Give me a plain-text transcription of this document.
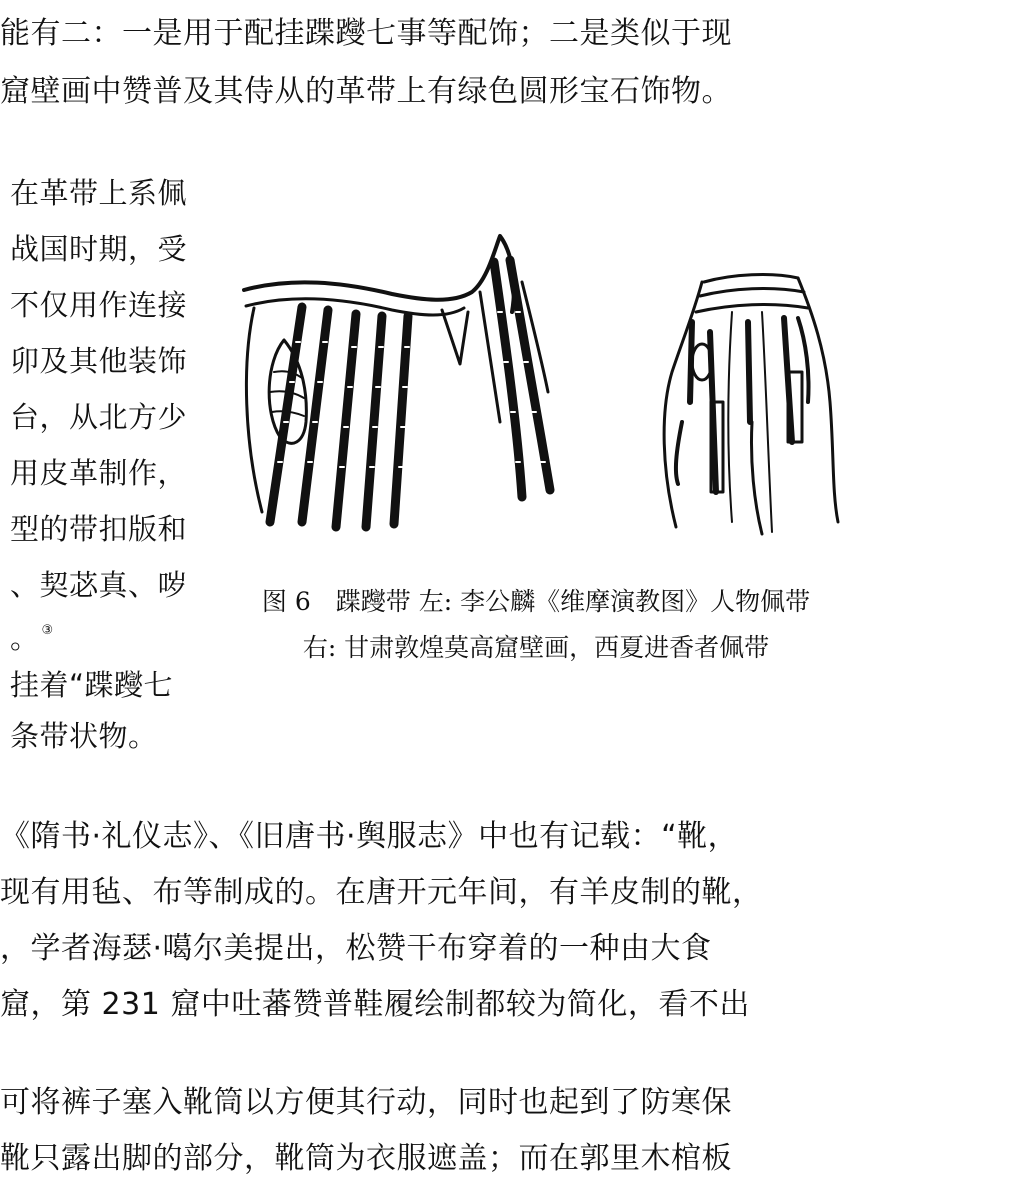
能有二：一是用于配挂蹀躞七事等配饰；二是类似于现
窟壁画中赞普及其侍从的革带上有绿色圆形宝石饰物。
在革带上系佩
战国时期，受
不仅用作连接
卯及其他装饰
台，从北方少
用皮革制作，
型的带扣版和
、契苾真、哕
。 ③
挂着“蹀躞七
条带状物。
图 6　蹀躞带 左: 李公麟《维摩演教图》人物佩带
右: 甘肃敦煌莫高窟壁画，西夏进香者佩带
《隋书·礼仪志》、《旧唐书·舆服志》中也有记载：“靴，
现有用毡、布等制成的。在唐开元年间，有羊皮制的靴，
，学者海瑟·噶尔美提出，松赞干布穿着的一种由大食
窟，第 231 窟中吐蕃赞普鞋履绘制都较为简化，看不出
可将裤子塞入靴筒以方便其行动，同时也起到了防寒保
靴只露出脚的部分，靴筒为衣服遮盖；而在郭里木棺板
